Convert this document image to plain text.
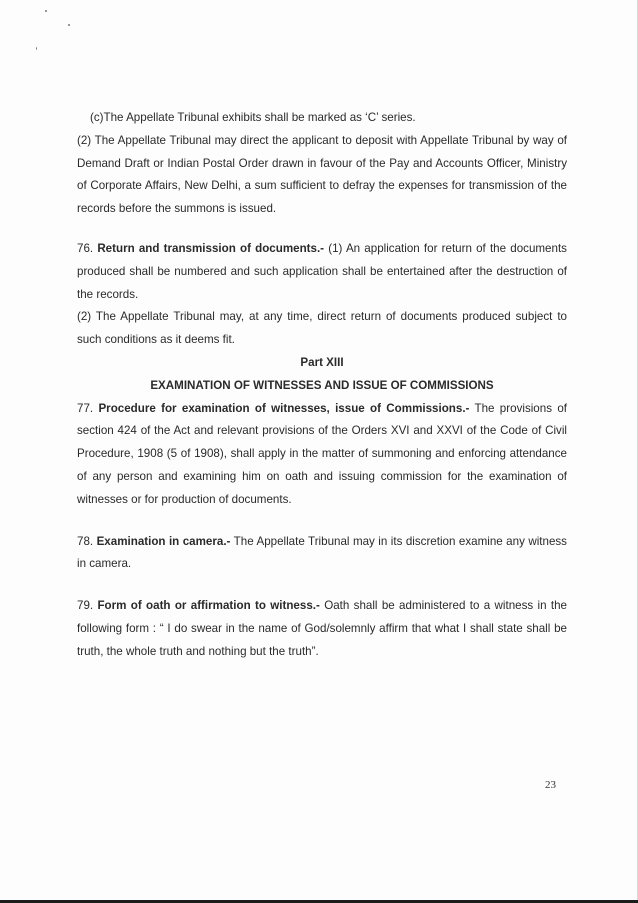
(c)The Appellate Tribunal exhibits shall be marked as ‘C’ series.

(2) The Appellate Tribunal may direct the applicant to deposit with Appellate Tribunal by way of Demand Draft or Indian Postal Order drawn in favour of the Pay and Accounts Officer, Ministry of Corporate Affairs, New Delhi, a sum sufficient to defray the expenses for transmission of the records before the summons is issued.

76. Return and transmission of documents.- (1) An application for return of the documents produced shall be numbered and such application shall be entertained after the destruction of the records.

(2) The Appellate Tribunal may, at any time, direct return of documents produced subject to such conditions as it deems fit.

Part XIII

EXAMINATION OF WITNESSES AND ISSUE OF COMMISSIONS

77. Procedure for examination of witnesses, issue of Commissions.- The provisions of section 424 of the Act and relevant provisions of the Orders XVI and XXVI of the Code of Civil Procedure, 1908 (5 of 1908), shall apply in the matter of summoning and enforcing attendance of any person and examining him on oath and issuing commission for the examination of witnesses or for production of documents.

78. Examination in camera.- The Appellate Tribunal may in its discretion examine any witness in camera.

79. Form of oath or affirmation to witness.- Oath shall be administered to a witness in the following form : “ I do swear in the name of God/solemnly affirm that what I shall state shall be truth, the whole truth and nothing but the truth”.

23
